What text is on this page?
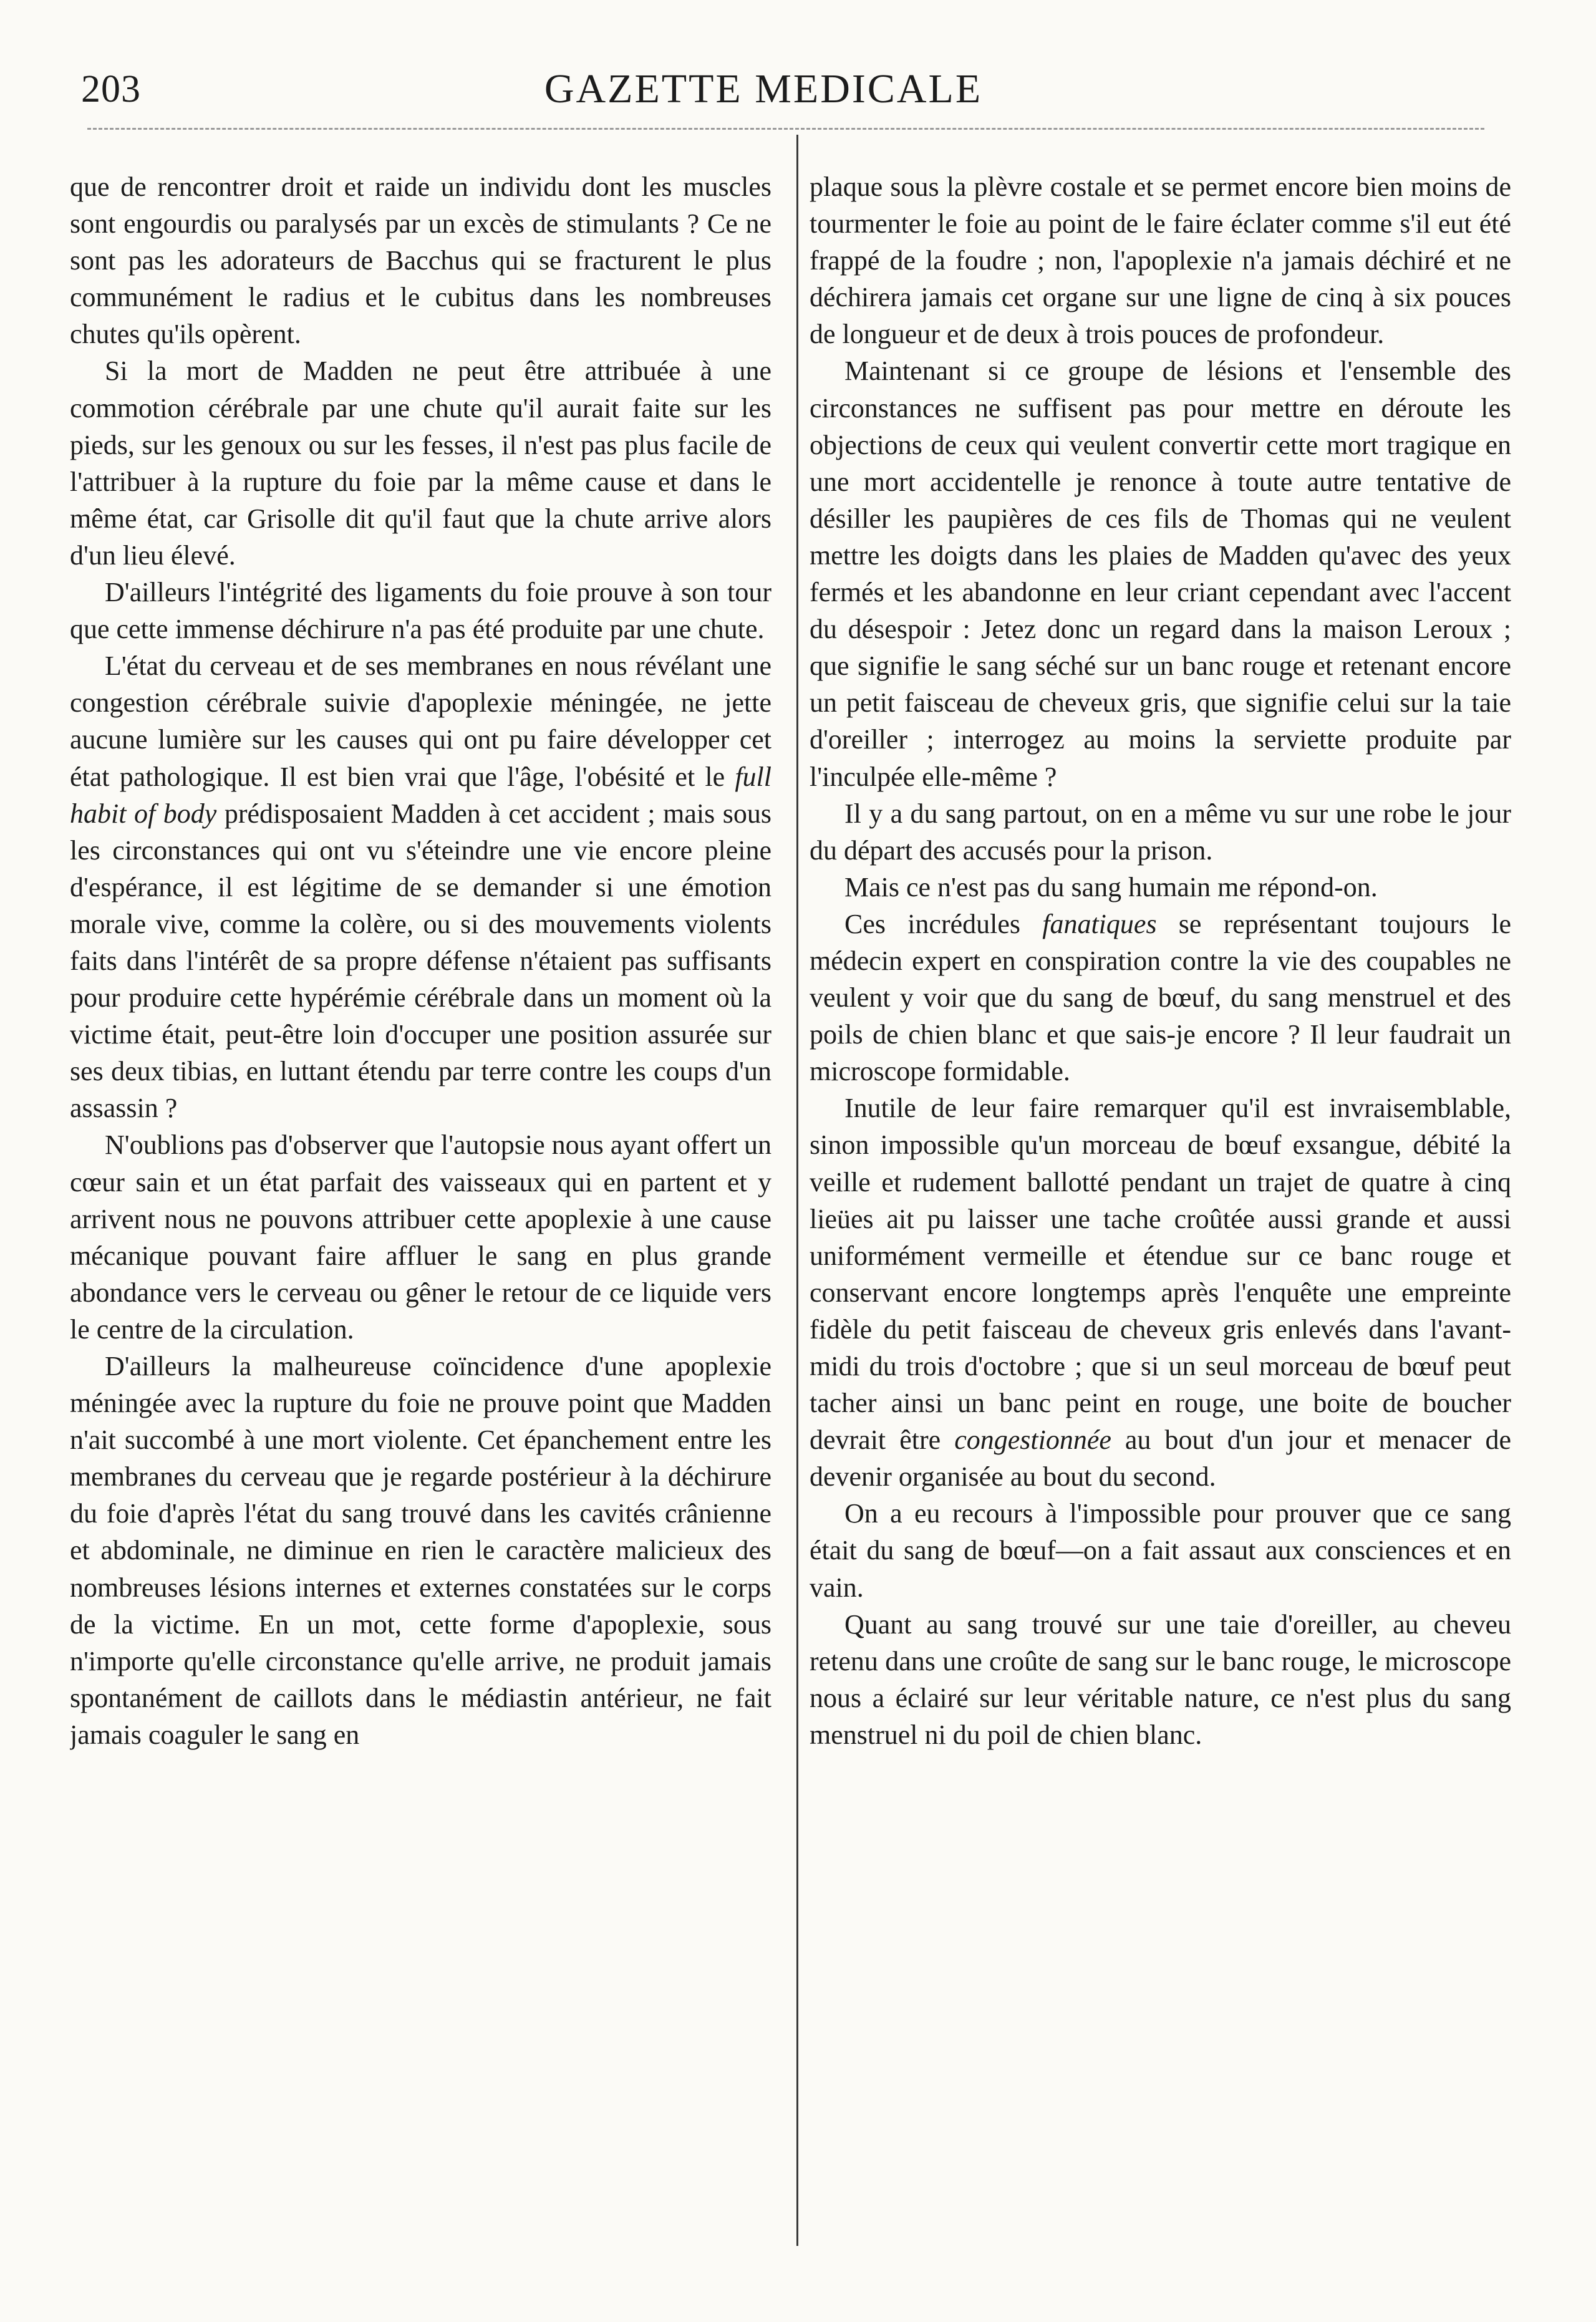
203	GAZETTE MEDICALE

que de rencontrer droit et raide un individu dont les muscles sont engourdis ou paralysés par un excès de stimulants ? Ce ne sont pas les adorateurs de Bacchus qui se fracturent le plus communément le radius et le cubitus dans les nombreuses chutes qu'ils opèrent.

Si la mort de Madden ne peut être attribuée à une commotion cérébrale par une chute qu'il aurait faite sur les pieds, sur les genoux ou sur les fesses, il n'est pas plus facile de l'attribuer à la rupture du foie par la même cause et dans le même état, car Grisolle dit qu'il faut que la chute arrive alors d'un lieu élevé.

D'ailleurs l'intégrité des ligaments du foie prouve à son tour que cette immense déchirure n'a pas été produite par une chute.

L'état du cerveau et de ses membranes en nous révélant une congestion cérébrale suivie d'apoplexie méningée, ne jette aucune lumière sur les causes qui ont pu faire développer cet état pathologique. Il est bien vrai que l'âge, l'obésité et le full habit of body prédisposaient Madden à cet accident ; mais sous les circonstances qui ont vu s'éteindre une vie encore pleine d'espérance, il est légitime de se demander si une émotion morale vive, comme la colère, ou si des mouvements violents faits dans l'intérêt de sa propre défense n'étaient pas suffisants pour produire cette hypérémie cérébrale dans un moment où la victime était, peut-être loin d'occuper une position assurée sur ses deux tibias, en luttant étendu par terre contre les coups d'un assassin ?

N'oublions pas d'observer que l'autopsie nous ayant offert un cœur sain et un état parfait des vaisseaux qui en partent et y arrivent nous ne pouvons attribuer cette apoplexie à une cause mécanique pouvant faire affluer le sang en plus grande abondance vers le cerveau ou gêner le retour de ce liquide vers le centre de la circulation.

D'ailleurs la malheureuse coïncidence d'une apoplexie méningée avec la rupture du foie ne prouve point que Madden n'ait succombé à une mort violente. Cet épanchement entre les membranes du cerveau que je regarde postérieur à la déchirure du foie d'après l'état du sang trouvé dans les cavités crânienne et abdominale, ne diminue en rien le caractère malicieux des nombreuses lésions internes et externes constatées sur le corps de la victime. En un mot, cette forme d'apoplexie, sous n'importe qu'elle circonstance qu'elle arrive, ne produit jamais spontanément de caillots dans le médiastin antérieur, ne fait jamais coaguler le sang en

plaque sous la plèvre costale et se permet encore bien moins de tourmenter le foie au point de le faire éclater comme s'il eut été frappé de la foudre ; non, l'apoplexie n'a jamais déchiré et ne déchirera jamais cet organe sur une ligne de cinq à six pouces de longueur et de deux à trois pouces de profondeur.

Maintenant si ce groupe de lésions et l'ensemble des circonstances ne suffisent pas pour mettre en déroute les objections de ceux qui veulent convertir cette mort tragique en une mort accidentelle je renonce à toute autre tentative de désiller les paupières de ces fils de Thomas qui ne veulent mettre les doigts dans les plaies de Madden qu'avec des yeux fermés et les abandonne en leur criant cependant avec l'accent du désespoir : Jetez donc un regard dans la maison Leroux ; que signifie le sang séché sur un banc rouge et retenant encore un petit faisceau de cheveux gris, que signifie celui sur la taie d'oreiller ; interrogez au moins la serviette produite par l'inculpée elle-même ?

Il y a du sang partout, on en a même vu sur une robe le jour du départ des accusés pour la prison.

Mais ce n'est pas du sang humain me répond-on.

Ces incrédules fanatiques se représentant toujours le médecin expert en conspiration contre la vie des coupables ne veulent y voir que du sang de bœuf, du sang menstruel et des poils de chien blanc et que sais-je encore ? Il leur faudrait un microscope formidable.

Inutile de leur faire remarquer qu'il est invraisemblable, sinon impossible qu'un morceau de bœuf exsangue, débité la veille et rudement ballotté pendant un trajet de quatre à cinq lieües ait pu laisser une tache croûtée aussi grande et aussi uniformément vermeille et étendue sur ce banc rouge et conservant encore longtemps après l'enquête une empreinte fidèle du petit faisceau de cheveux gris enlevés dans l'avant-midi du trois d'octobre ; que si un seul morceau de bœuf peut tacher ainsi un banc peint en rouge, une boite de boucher devrait être congestionnée au bout d'un jour et menacer de devenir organisée au bout du second.

On a eu recours à l'impossible pour prouver que ce sang était du sang de bœuf—on a fait assaut aux consciences et en vain.

Quant au sang trouvé sur une taie d'oreiller, au cheveu retenu dans une croûte de sang sur le banc rouge, le microscope nous a éclairé sur leur véritable nature, ce n'est plus du sang menstruel ni du poil de chien blanc.
